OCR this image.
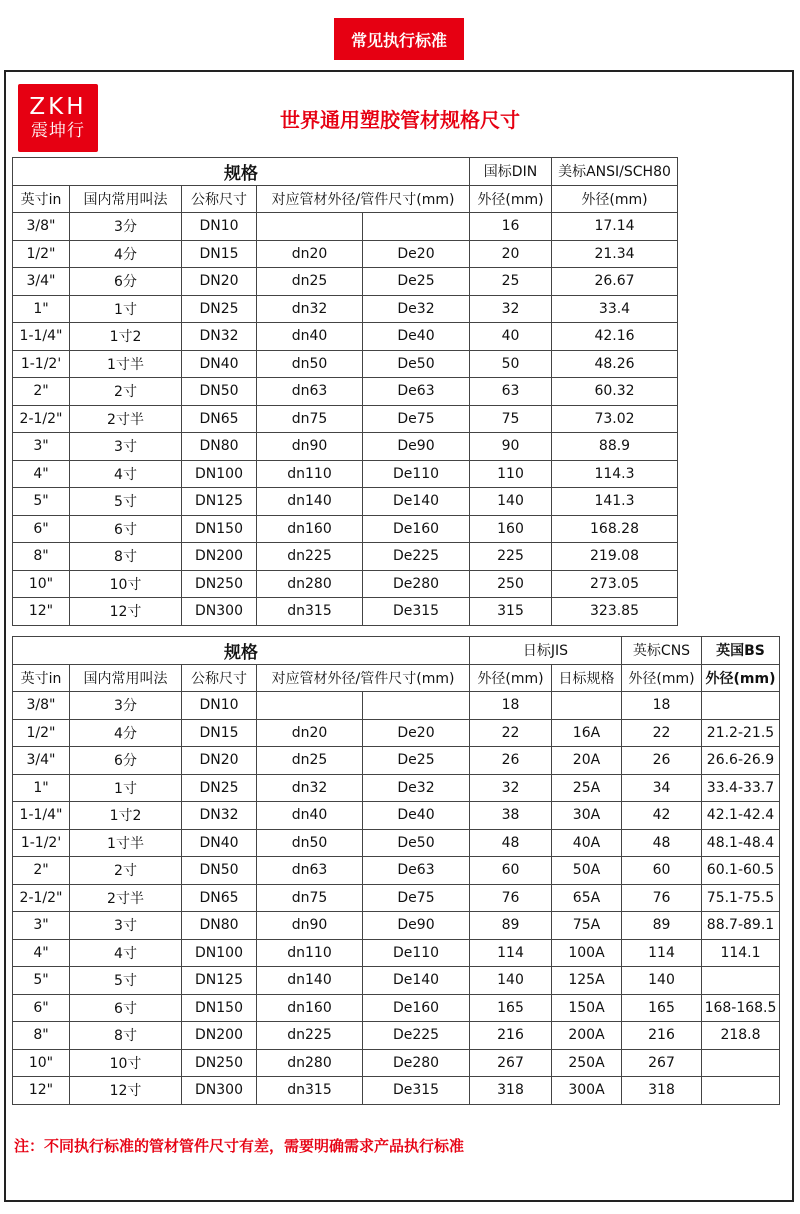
常见执行标准
ZKH
震坤行	世界通用塑胶管材规格尺寸
规格					国标DIN	美标ANSI/SCH80
英寸in	国内常用叫法	公称尺寸	对应管材外径/管件尺寸(mm)		外径(mm)	外径(mm)
3/8"	3分	DN10			16	17.14
1/2"	4分	DN15	dn20	De20	20	21.34
3/4"	6分	DN20	dn25	De25	25	26.67
1"	1寸	DN25	dn32	De32	32	33.4
1-1/4"	1寸2	DN32	dn40	De40	40	42.16
1-1/2'	1寸半	DN40	dn50	De50	50	48.26
2"	2寸	DN50	dn63	De63	63	60.32
2-1/2"	2寸半	DN65	dn75	De75	75	73.02
3"	3寸	DN80	dn90	De90	90	88.9
4"	4寸	DN100	dn110	De110	110	114.3
5"	5寸	DN125	dn140	De140	140	141.3
6"	6寸	DN150	dn160	De160	160	168.28
8"	8寸	DN200	dn225	De225	225	219.08
10"	10寸	DN250	dn280	De280	250	273.05
12"	12寸	DN300	dn315	De315	315	323.85
规格					日标JIS		英标CNS	英国BS
英寸in	国内常用叫法	公称尺寸	对应管材外径/管件尺寸(mm)		外径(mm)	日标规格	外径(mm)	外径(mm)
3/8"	3分	DN10			18		18	
1/2"	4分	DN15	dn20	De20	22	16A	22	21.2-21.5
3/4"	6分	DN20	dn25	De25	26	20A	26	26.6-26.9
1"	1寸	DN25	dn32	De32	32	25A	34	33.4-33.7
1-1/4"	1寸2	DN32	dn40	De40	38	30A	42	42.1-42.4
1-1/2'	1寸半	DN40	dn50	De50	48	40A	48	48.1-48.4
2"	2寸	DN50	dn63	De63	60	50A	60	60.1-60.5
2-1/2"	2寸半	DN65	dn75	De75	76	65A	76	75.1-75.5
3"	3寸	DN80	dn90	De90	89	75A	89	88.7-89.1
4"	4寸	DN100	dn110	De110	114	100A	114	114.1
5"	5寸	DN125	dn140	De140	140	125A	140	
6"	6寸	DN150	dn160	De160	165	150A	165	168-168.5
8"	8寸	DN200	dn225	De225	216	200A	216	218.8
10"	10寸	DN250	dn280	De280	267	250A	267	
12"	12寸	DN300	dn315	De315	318	300A	318	
注：不同执行标准的管材管件尺寸有差，需要明确需求产品执行标准
